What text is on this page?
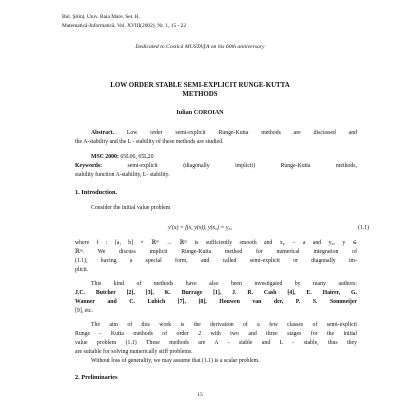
Bul. Ştiinţ. Univ. Baia Mare, Ser. B,
Matematică-Informatică, Vol. XVIII(2002), Nr. 1, 15 - 22
Dedicated to Costică MUSTAŢA on his 60th anniversary
LOW ORDER STABLE SEMI-EXPLICIT RUNGE-KUTTA
METHODS
Iulian COROIAN
Abstract. Low order semi-explicit Runge-Kutta methods are discussed and
the A-stability and the L - stability of these methods are studied.
MSC 2000: 65L06, 65L20
Keywords:	semi-explicit (diagonally implicit) Runge-Kutta methods,
stability function A-stability, L- stability.
1. Introduction.
Consider the initial value problem
y′(x) = f(x, y(x)), y(x₀) = y₀,	(1.1)
where f : [a, b] × ℝᵐ → ℝᵐ is sufficiently smooth and x₀ − a and y₀, y ∈
ℝᵐ. We discuss implicit Runge-Kutta method for numerical integration of
(1.1), having a special form, and called semi-explicit or diagonally im-
plicit.
This kind of methods have also been investigated by many authors:
J.C. Butcher [2], [3], K. Burrage [1], J. R. Cash [4], E. Hairer, G.
Wanner and C. Lubich [7], [8], Houwen van der, P. S. Sommeijer
[9], etc.
The aim of this work is the derivation of a few classes of semi-explicit
Runge - Kutta methods of order 2 with two and three stages for the initial
value problem (1.1) These methods are A - stable and L - stable, thus they
are suitable for solving numerically stiff problems.
Without loss of generality, we may assume that (1.1) is a scalar problem.
2. Preliminaries
15
